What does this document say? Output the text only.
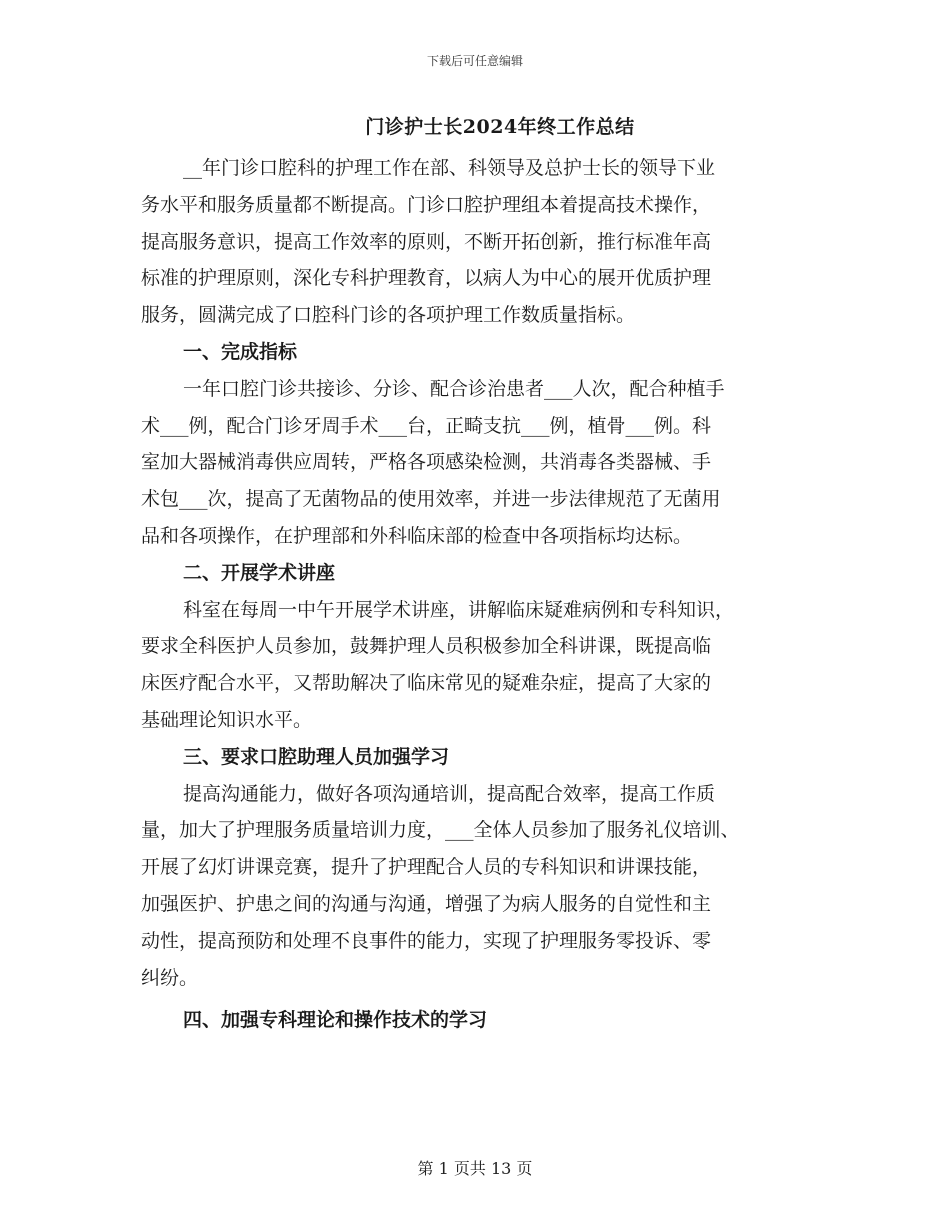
下载后可任意编辑
门诊护士长2024年终工作总结
__年门诊口腔科的护理工作在部、科领导及总护士长的领导下业
务水平和服务质量都不断提高。门诊口腔护理组本着提高技术操作，
提高服务意识，提高工作效率的原则，不断开拓创新，推行标准年高
标准的护理原则，深化专科护理教育，以病人为中心的展开优质护理
服务，圆满完成了口腔科门诊的各项护理工作数质量指标。
一、完成指标
一年口腔门诊共接诊、分诊、配合诊治患者___人次，配合种植手
术___例，配合门诊牙周手术___台，正畸支抗___例，植骨___例。科
室加大器械消毒供应周转，严格各项感染检测，共消毒各类器械、手
术包___次，提高了无菌物品的使用效率，并进一步法律规范了无菌用
品和各项操作，在护理部和外科临床部的检查中各项指标均达标。
二、开展学术讲座
科室在每周一中午开展学术讲座，讲解临床疑难病例和专科知识，
要求全科医护人员参加，鼓舞护理人员积极参加全科讲课，既提高临
床医疗配合水平，又帮助解决了临床常见的疑难杂症，提高了大家的
基础理论知识水平。
三、要求口腔助理人员加强学习
提高沟通能力，做好各项沟通培训，提高配合效率，提高工作质
量，加大了护理服务质量培训力度，___全体人员参加了服务礼仪培训、
开展了幻灯讲课竞赛，提升了护理配合人员的专科知识和讲课技能，
加强医护、护患之间的沟通与沟通，增强了为病人服务的自觉性和主
动性，提高预防和处理不良事件的能力，实现了护理服务零投诉、零
纠纷。
四、加强专科理论和操作技术的学习
第 1 页共 13 页
